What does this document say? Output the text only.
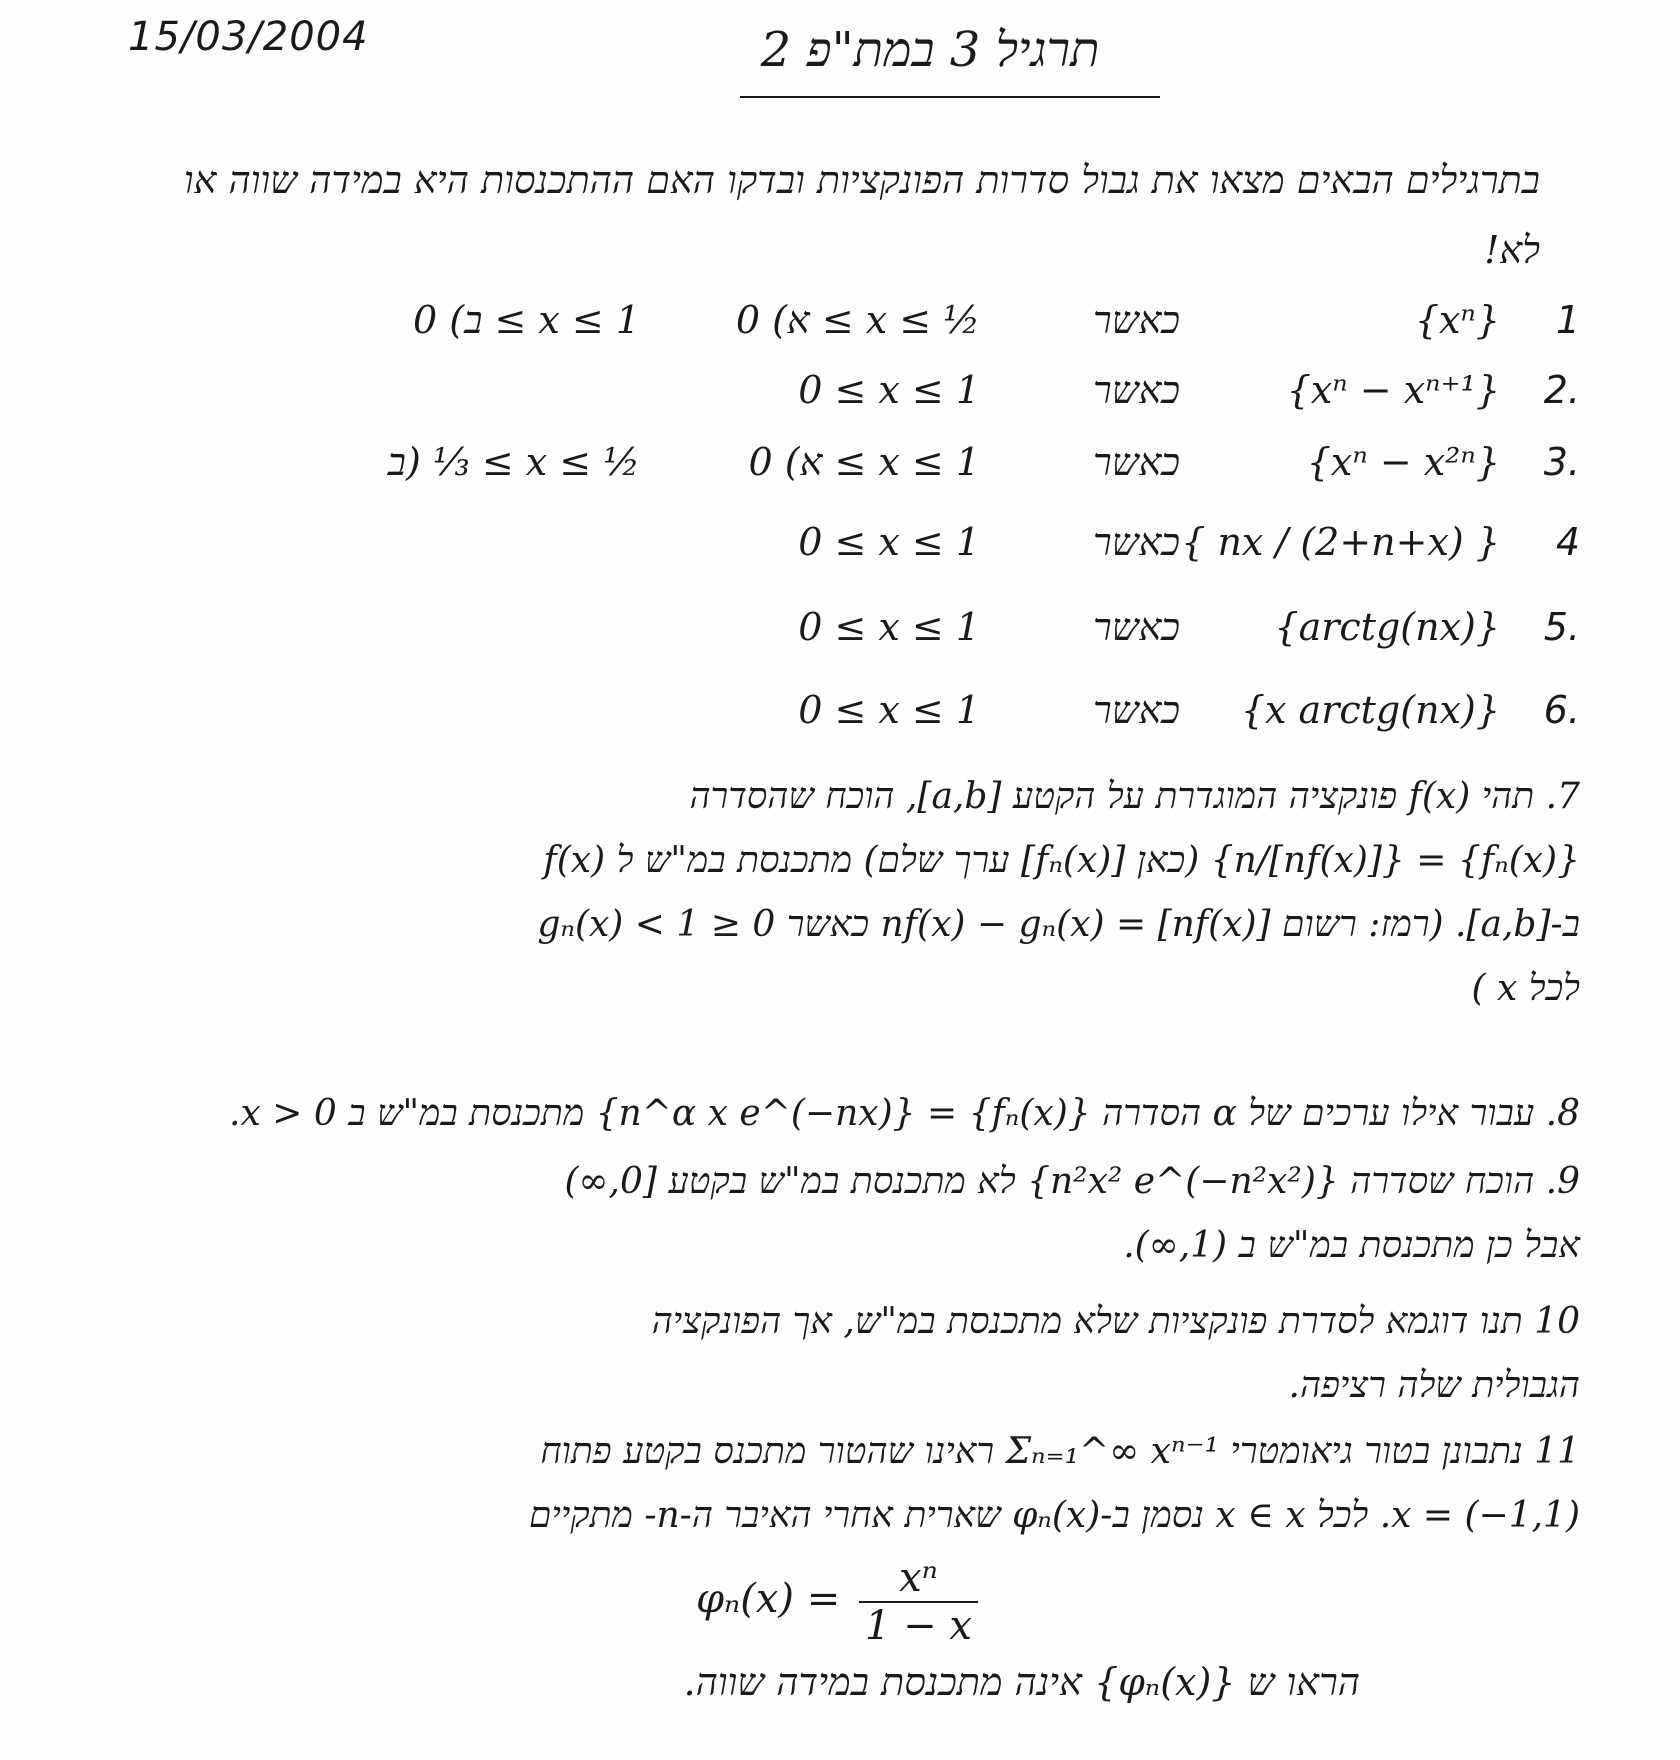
15/03/2004	תרגיל 3 במת"פ 2
בתרגילים הבאים מצאו את גבול סדרות הפונקציות ובדקו האם ההתכנסות היא במידה שווה או לא!
1
{xⁿ}
כאשר
א) 0 ≤ x ≤ ½
ב) 0 ≤ x ≤ 1
.2
{xⁿ − xⁿ⁺¹}
כאשר
0 ≤ x ≤ 1
.3
{xⁿ − x²ⁿ}
כאשר
א) 0 ≤ x ≤ 1
ב) ⅓ ≤ x ≤ ½
4
{ nx / (2+n+x) }
כאשר
0 ≤ x ≤ 1
.5
{arctg(nx)}
כאשר
0 ≤ x ≤ 1
.6
{x arctg(nx)}
כאשר
0 ≤ x ≤ 1
7. תהי f(x) פונקציה המוגדרת על הקטע [a,b], הוכח שהסדרה
{fₙ(x)} = {[nf(x)]/n} (כאן [fₙ(x)] ערך שלם) מתכנסת במ"ש ל f(x)
ב-[a,b]. (רמז: רשום [nf(x)] = nf(x) − gₙ(x) כאשר 0 ≤ gₙ(x) < 1
לכל x )
8. עבור אילו ערכים של α הסדרה {fₙ(x)} = {n^α x e^(−nx)} מתכנסת במ"ש ב 0 < x.
9. הוכח שסדרה {n²x² e^(−n²x²)} לא מתכנסת במ"ש בקטע [0,∞)
אבל כן מתכנסת במ"ש ב (1,∞).
10 תנו דוגמא לסדרת פונקציות שלא מתכנסת במ"ש, אך הפונקציה
הגבולית שלה רציפה.
11 נתבונן בטור גיאומטרי Σₙ₌₁^∞ xⁿ⁻¹ ראינו שהטור מתכנס בקטע פתוח
x = (−1,1). לכל x ∈ x נסמן ב-φₙ(x) שארית אחרי האיבר ה-n- מתקיים
$\varphi_n(x) = \frac{\text{xⁿ}}{1 - x}$
הראו ש {φₙ(x)} אינה מתכנסת במידה שווה.
